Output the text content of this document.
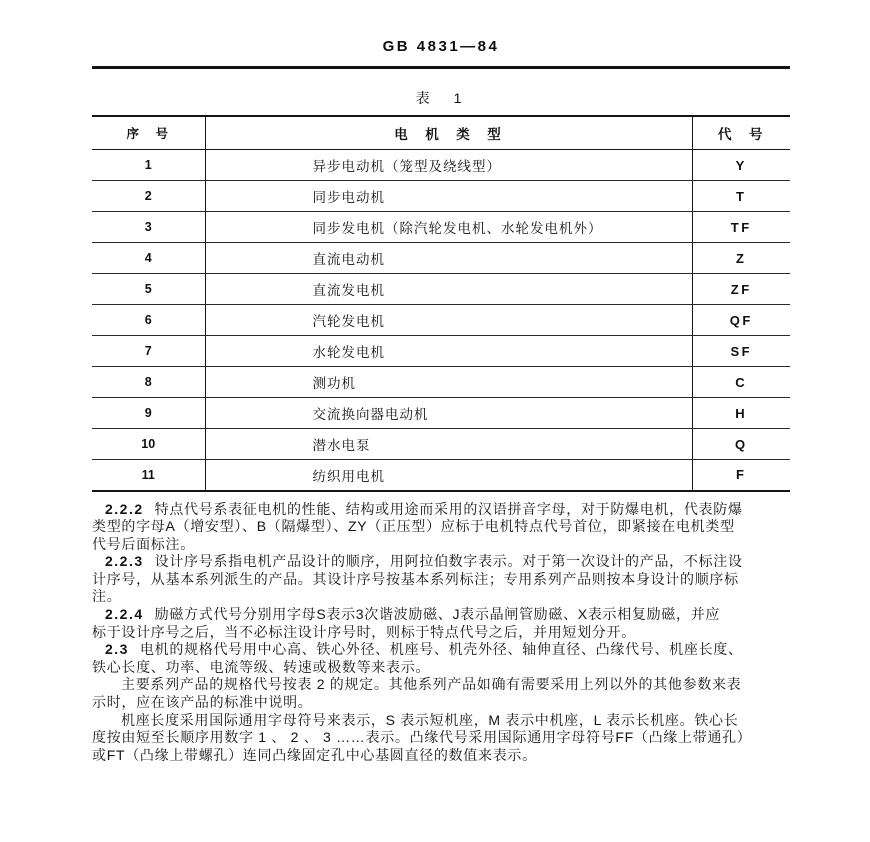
GB 4831—84
表　1
序　号	电　机　类　型	代　号
1	异步电动机（笼型及绕线型）	Y
2	同步电动机	T
3	同步发电机（除汽轮发电机、水轮发电机外）	TF
4	直流电动机	Z
5	直流发电机	ZF
6	汽轮发电机	QF
7	水轮发电机	SF
8	测功机	C
9	交流换向器电动机	H
10	潜水电泵	Q
11	纺织用电机	F
2.2.2 特点代号系表征电机的性能、结构或用途而采用的汉语拼音字母，对于防爆电机，代表防爆
类型的字母A（增安型）、B（隔爆型）、ZY（正压型）应标于电机特点代号首位，即紧接在电机类型
代号后面标注。
2.2.3 设计序号系指电机产品设计的顺序，用阿拉伯数字表示。对于第一次设计的产品，不标注设
计序号，从基本系列派生的产品。其设计序号按基本系列标注；专用系列产品则按本身设计的顺序标
注。
2.2.4 励磁方式代号分别用字母S表示3次谐波励磁、J表示晶闸管励磁、X表示相复励磁，并应
标于设计序号之后，当不必标注设计序号时，则标于特点代号之后，并用短划分开。
2.3 电机的规格代号用中心高、铁心外径、机座号、机壳外径、轴伸直径、凸缘代号、机座长度、
铁心长度、功率、电流等级、转速或极数等来表示。
主要系列产品的规格代号按表 2 的规定。其他系列产品如确有需要采用上列以外的其他参数来表
示时，应在该产品的标准中说明。
机座长度采用国际通用字母符号来表示，S 表示短机座，M 表示中机座，L 表示长机座。铁心长
度按由短至长顺序用数字 1 、 2 、 3 ……表示。凸缘代号采用国际通用字母符号FF（凸缘上带通孔）
或FT（凸缘上带螺孔）连同凸缘固定孔中心基圆直径的数值来表示。
